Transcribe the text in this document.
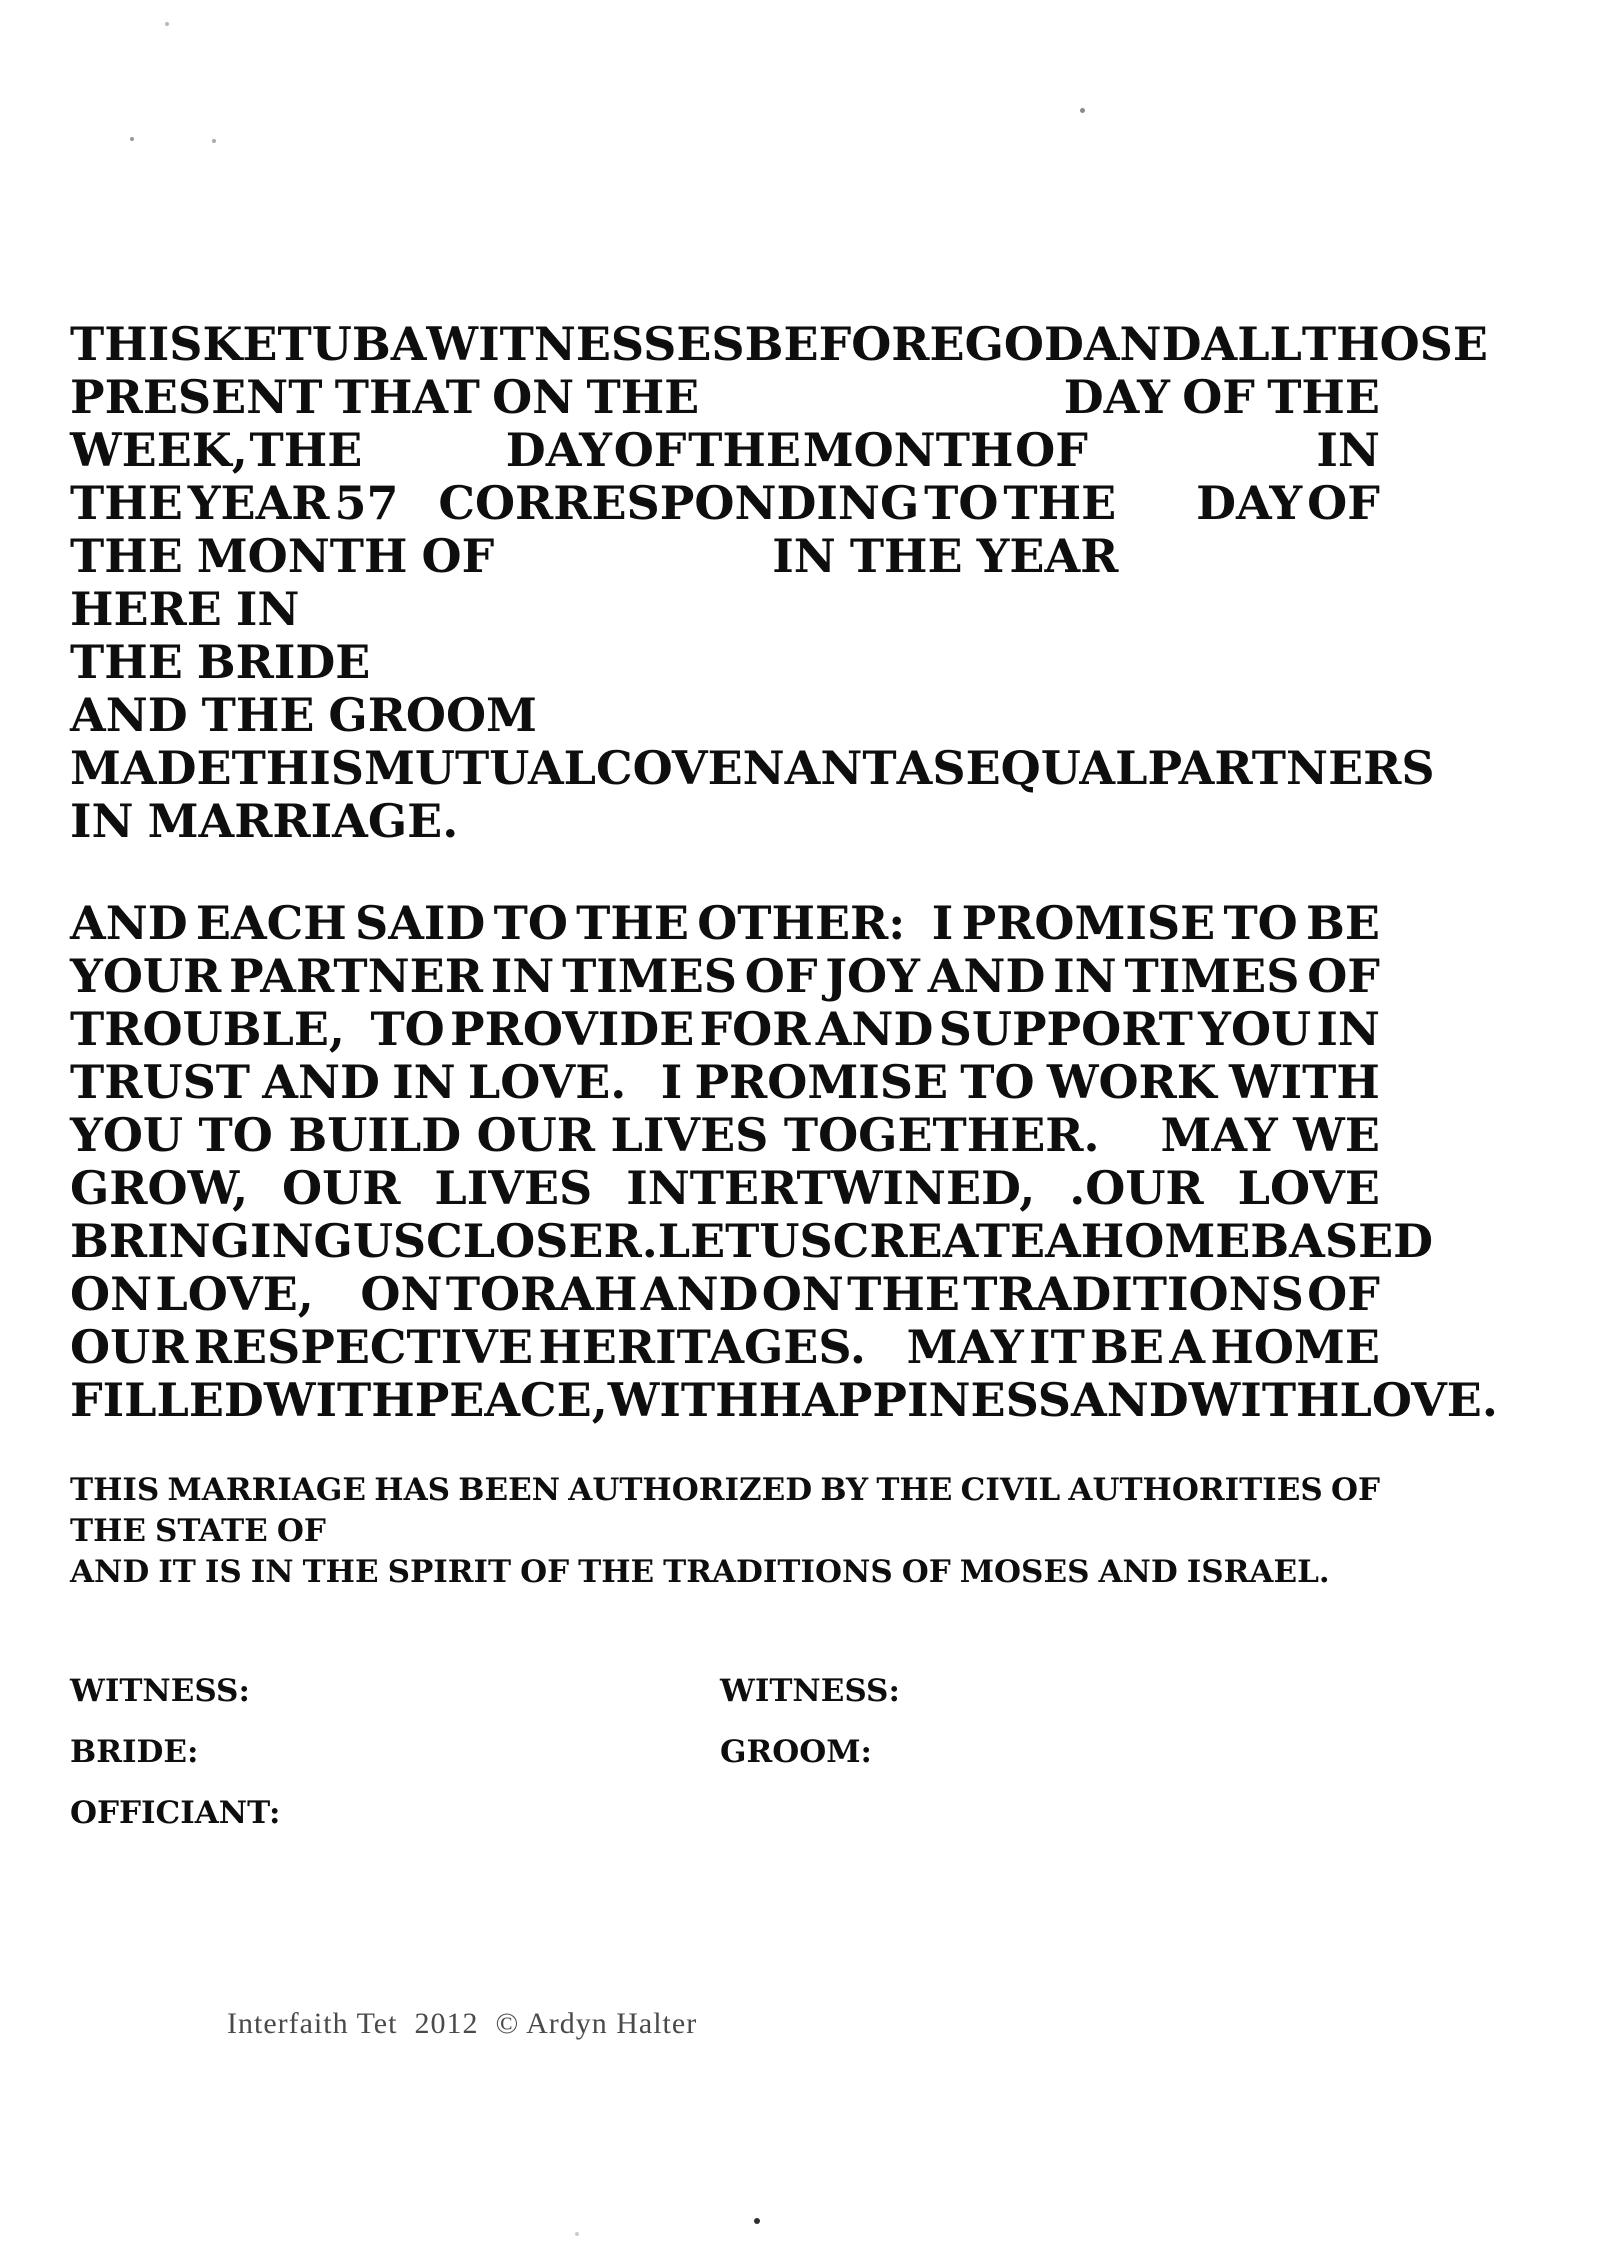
THIS KETUBA WITNESSES BEFORE GOD AND ALL THOSE
PRESENT THAT ON THE	DAY OF THE
WEEK, THE	DAY OF THE MONTH OF	IN
THE YEAR 57 CORRESPONDING TO THE DAY OF
THE MONTH OF	IN THE YEAR
HERE IN
THE BRIDE
AND THE GROOM
MADE THIS MUTUAL COVENANT AS EQUAL PARTNERS
IN MARRIAGE.
AND EACH SAID TO THE OTHER: I PROMISE TO BE
YOUR PARTNER IN TIMES OF JOY AND IN TIMES OF
TROUBLE, TO PROVIDE FOR AND SUPPORT YOU IN
TRUST AND IN LOVE. I PROMISE TO WORK WITH
YOU TO BUILD OUR LIVES TOGETHER. MAY WE
GROW, OUR LIVES INTERTWINED, .OUR LOVE
BRINGING US CLOSER. LET US CREATE A HOME BASED
ON LOVE, ON TORAH AND ON THE TRADITIONS OF
OUR RESPECTIVE HERITAGES. MAY IT BE A HOME
FILLED WITH PEACE, WITH HAPPINESS AND WITH LOVE.
THIS MARRIAGE HAS BEEN AUTHORIZED BY THE CIVIL AUTHORITIES OF
THE STATE OF
AND IT IS IN THE SPIRIT OF THE TRADITIONS OF MOSES AND ISRAEL.
WITNESS:	WITNESS:
BRIDE:	GROOM:
OFFICIANT:
Interfaith Tet  2012  © Ardyn Halter
